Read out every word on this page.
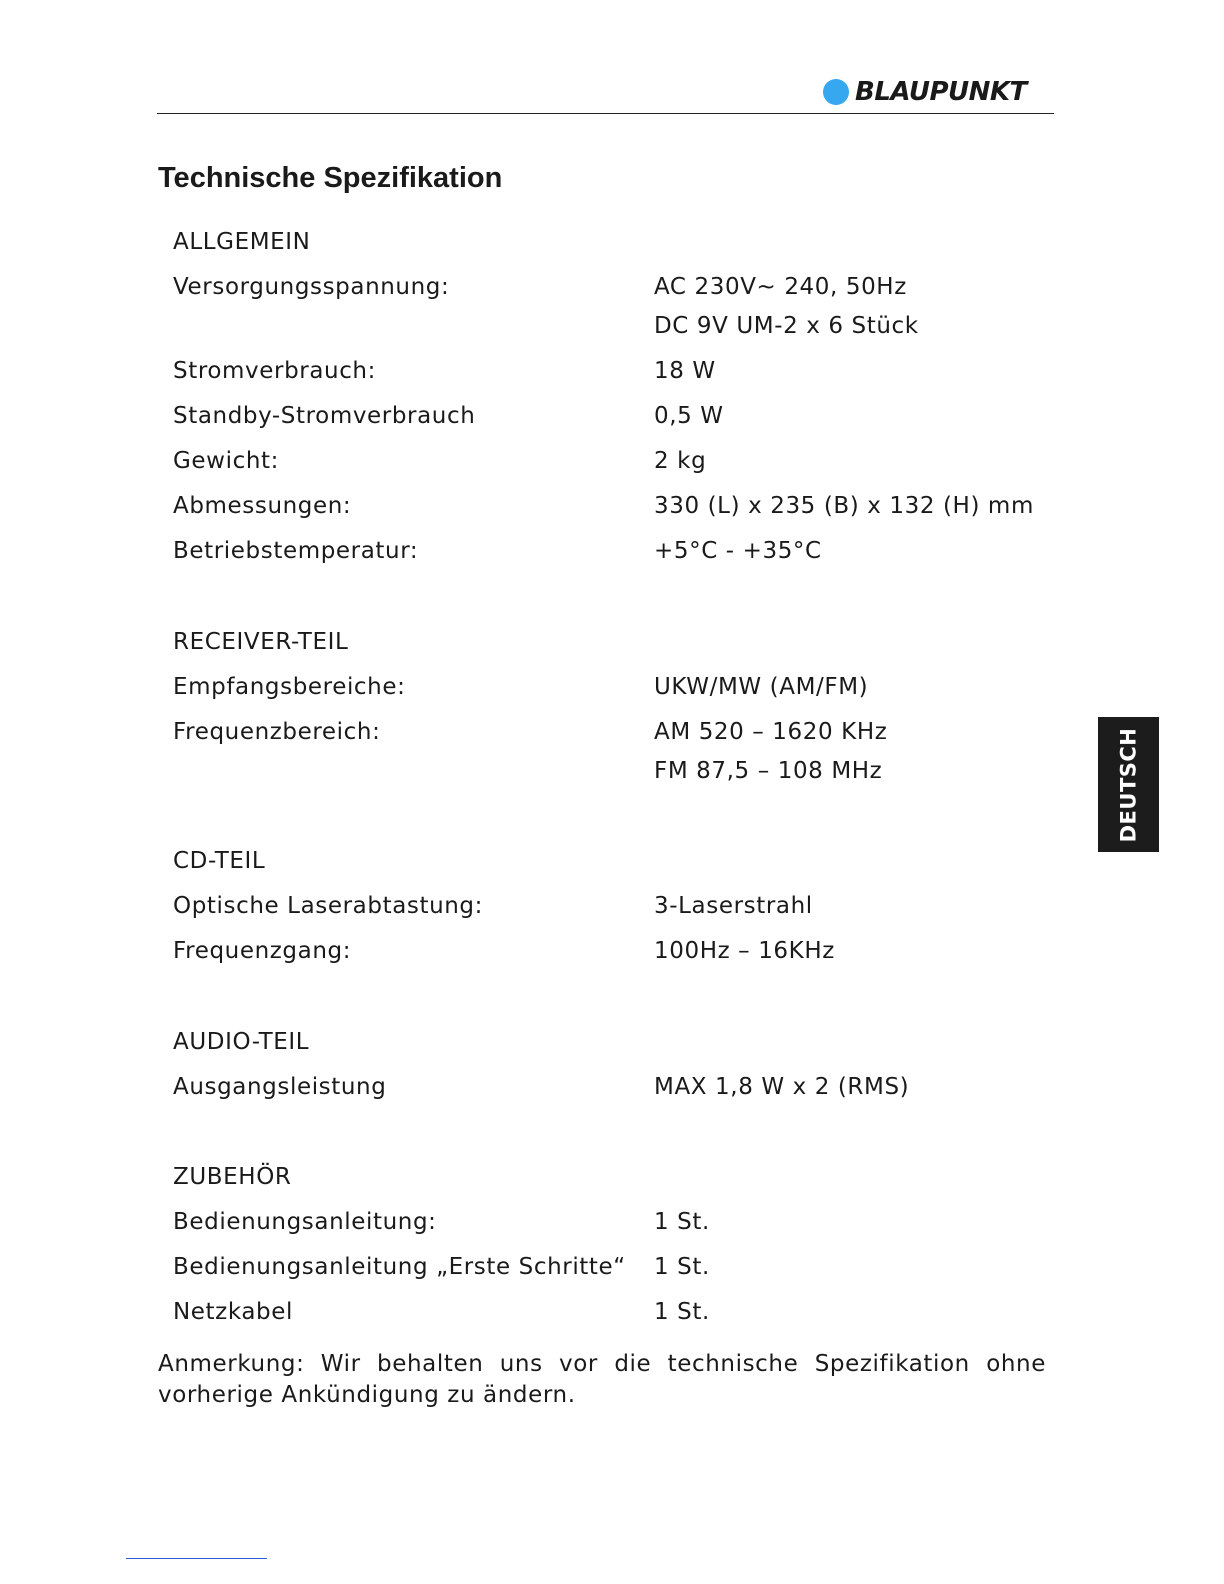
BLAUPUNKT
Technische Spezifikation
ALLGEMEIN
Versorgungsspannung:	AC 230V~ 240, 50Hz
DC 9V UM-2 x 6 Stück
Stromverbrauch:	18 W
Standby-Stromverbrauch	0,5 W
Gewicht:	2 kg
Abmessungen:	330 (L) x 235 (B) x 132 (H) mm
Betriebstemperatur:	+5°C - +35°C
RECEIVER-TEIL
Empfangsbereiche:	UKW/MW (AM/FM)
Frequenzbereich:	AM 520 – 1620 KHz
FM 87,5 – 108 MHz
CD-TEIL
Optische Laserabtastung:	3-Laserstrahl
Frequenzgang:	100Hz – 16KHz
AUDIO-TEIL
Ausgangsleistung	MAX 1,8 W x 2 (RMS)
ZUBEHÖR
Bedienungsanleitung:	1 St.
Bedienungsanleitung „Erste Schritte“ 1 St.
Netzkabel	1 St.

Anmerkung: Wir behalten uns vor die technische Spezifikation ohne vorherige Ankündigung zu ändern.

DEUTSCH
